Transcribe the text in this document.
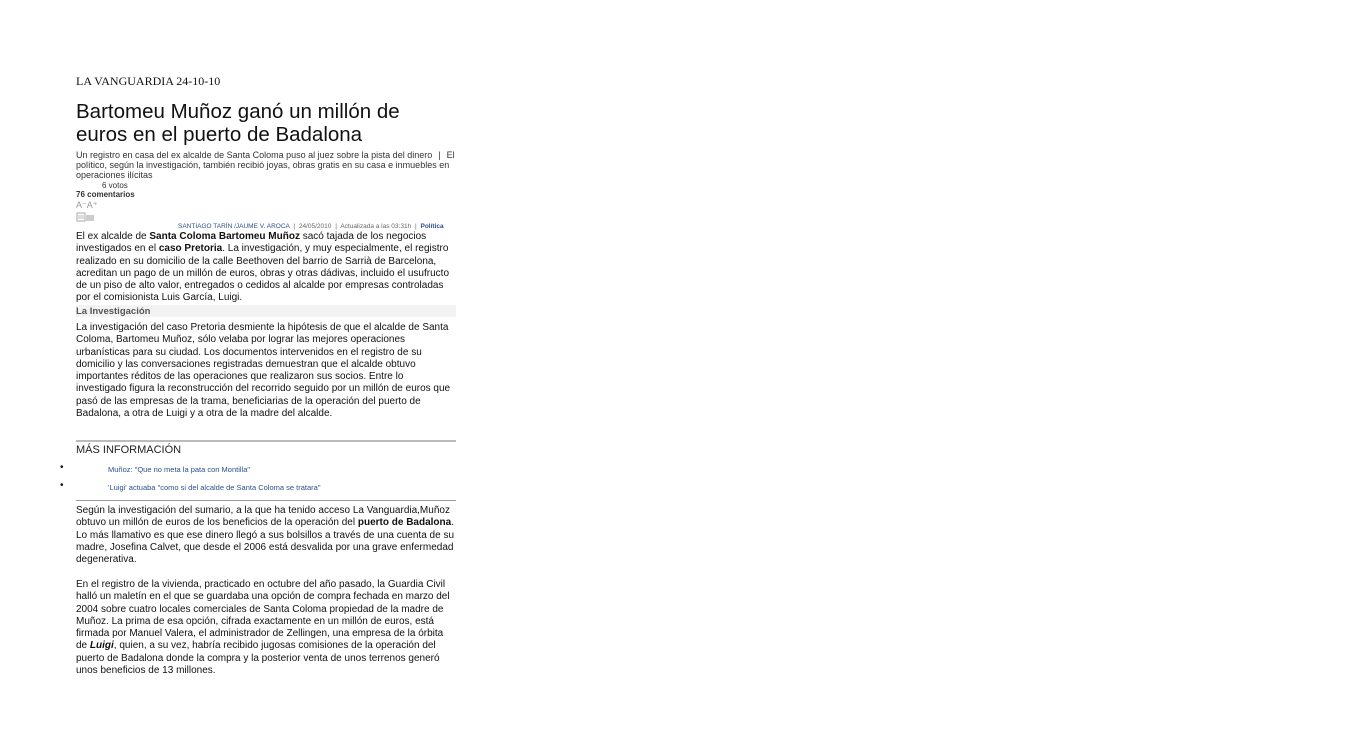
LA VANGUARDIA 24-10-10
Bartomeu Muñoz ganó un millón de euros en el puerto de Badalona
Un registro en casa del ex alcalde de Santa Coloma puso al juez sobre la pista del dinero | El político, según la investigación, también recibió joyas, obras gratis en su casa e inmuebles en operaciones ilícitas
6 votos
76 comentarios
A⁻A⁺
SANTIAGO TARÍN /JAUME V. AROCA | 24/05/2010 | Actualizada a las 03:31h | Política

El ex alcalde de Santa Coloma Bartomeu Muñoz sacó tajada de los negocios investigados en el caso Pretoria. La investigación, y muy especialmente, el registro realizado en su domicilio de la calle Beethoven del barrio de Sarrià de Barcelona, acreditan un pago de un millón de euros, obras y otras dádivas, incluido el usufructo de un piso de alto valor, entregados o cedidos al alcalde por empresas controladas por el comisionista Luis García, Luigi.

La Investigación

La investigación del caso Pretoria desmiente la hipótesis de que el alcalde de Santa Coloma, Bartomeu Muñoz, sólo velaba por lograr las mejores operaciones urbanísticas para su ciudad. Los documentos intervenidos en el registro de su domicilio y las conversaciones registradas demuestran que el alcalde obtuvo importantes réditos de las operaciones que realizaron sus socios. Entre lo investigado figura la reconstrucción del recorrido seguido por un millón de euros que pasó de las empresas de la trama, beneficiarias de la operación del puerto de Badalona, a otra de Luigi y a otra de la madre del alcalde.

MÁS INFORMACIÓN
•	Muñoz: "Que no meta la pata con Montilla"
•	'Luigi' actuaba "como si del alcalde de Santa Coloma se tratara"

Según la investigación del sumario, a la que ha tenido acceso La Vanguardia,Muñoz obtuvo un millón de euros de los beneficios de la operación del puerto de Badalona. Lo más llamativo es que ese dinero llegó a sus bolsillos a través de una cuenta de su madre, Josefina Calvet, que desde el 2006 está desvalida por una grave enfermedad degenerativa.

En el registro de la vivienda, practicado en octubre del año pasado, la Guardia Civil halló un maletín en el que se guardaba una opción de compra fechada en marzo del 2004 sobre cuatro locales comerciales de Santa Coloma propiedad de la madre de Muñoz. La prima de esa opción, cifrada exactamente en un millón de euros, está firmada por Manuel Valera, el administrador de Zellingen, una empresa de la órbita de Luigi, quien, a su vez, habría recibido jugosas comisiones de la operación del puerto de Badalona donde la compra y la posterior venta de unos terrenos generó unos beneficios de 13 millones.
